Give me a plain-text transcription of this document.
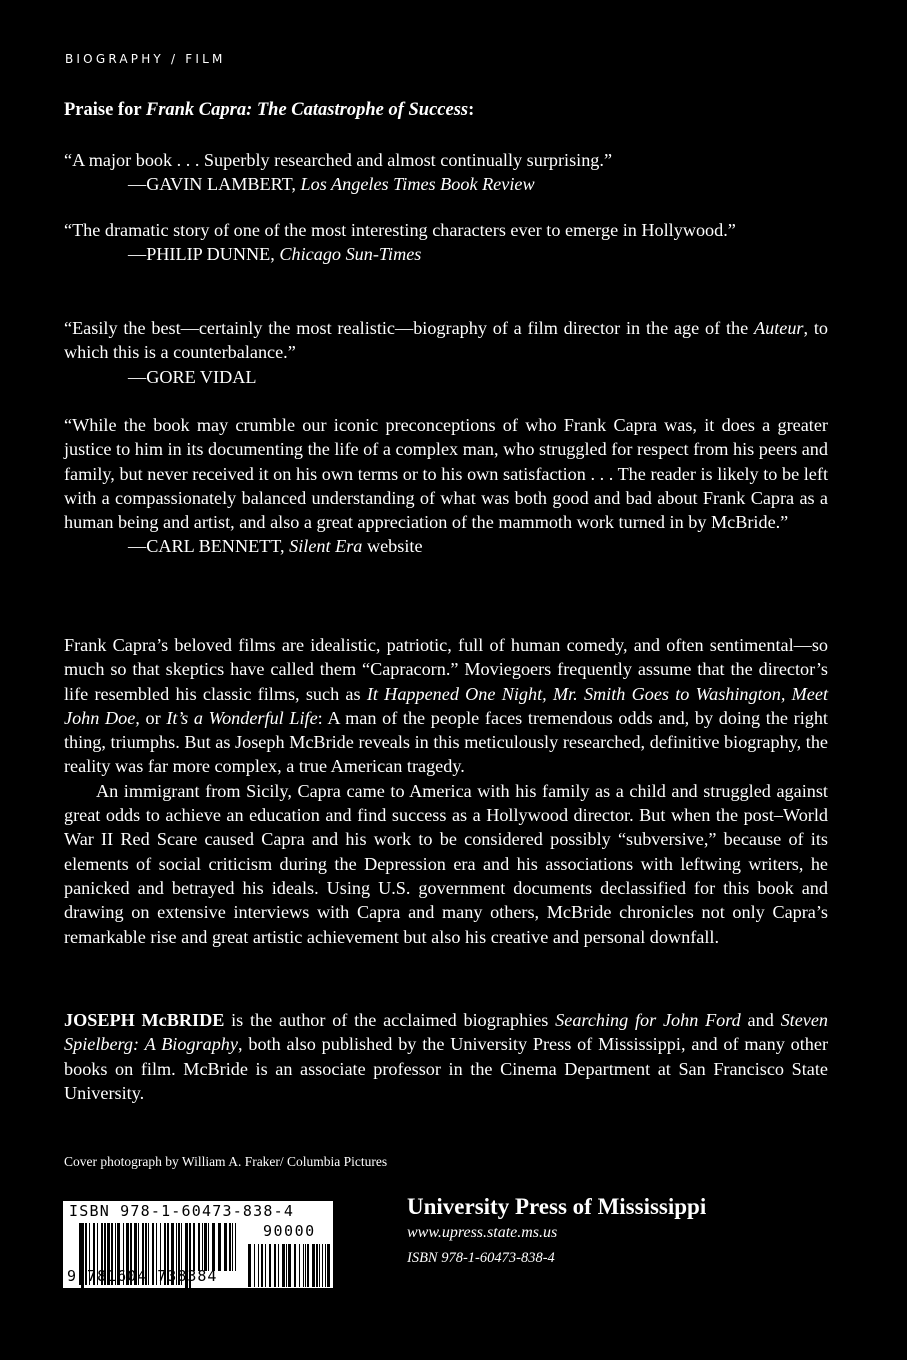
BIOGRAPHY / FILM
Praise for Frank Capra: The Catastrophe of Success:

“A major book . . . Superbly researched and almost continually surprising.”

—GAVIN LAMBERT, Los Angeles Times Book Review

“The dramatic story of one of the most interesting characters ever to emerge in Hollywood.”

—PHILIP DUNNE, Chicago Sun-Times

“Easily the best—certainly the most realistic—biography of a film director in the age of the Auteur, to which this is a counterbalance.”

—GORE VIDAL

“While the book may crumble our iconic preconceptions of who Frank Capra was, it does a greater justice to him in its documenting the life of a complex man, who struggled for respect from his peers and family, but never received it on his own terms or to his own satisfaction . . . The reader is likely to be left with a compassionately balanced understanding of what was both good and bad about Frank Capra as a human being and artist, and also a great appreciation of the mammoth work turned in by McBride.”

—CARL BENNETT, Silent Era website

Frank Capra’s beloved films are idealistic, patriotic, full of human comedy, and often sentimental—so much so that skeptics have called them “Capracorn.” Moviegoers frequently assume that the director’s life resembled his classic films, such as It Happened One Night, Mr. Smith Goes to Washington, Meet John Doe, or It’s a Wonderful Life: A man of the people faces tremendous odds and, by doing the right thing, triumphs. But as Joseph McBride reveals in this meticulously researched, definitive biography, the reality was far more complex, a true American tragedy.

An immigrant from Sicily, Capra came to America with his family as a child and struggled against great odds to achieve an education and find success as a Hollywood director. But when the post–World War II Red Scare caused Capra and his work to be considered possibly “subversive,” because of its elements of social criticism during the Depression era and his associations with leftwing writers, he panicked and betrayed his ideals. Using U.S. government documents declassified for this book and drawing on extensive interviews with Capra and many others, McBride chronicles not only Capra’s remarkable rise and great artistic achievement but also his creative and personal downfall.

JOSEPH McBRIDE is the author of the acclaimed biographies Searching for John Ford and Steven Spielberg: A Biography, both also published by the University Press of Mississippi, and of many other books on film. McBride is an associate professor in the Cinema Department at San Francisco State University.
Cover photograph by William A. Fraker/ Columbia Pictures
ISBN 978-1-60473-838-4
90000
9 781604 738384
University Press of Mississippi
www.upress.state.ms.us
ISBN 978-1-60473-838-4
